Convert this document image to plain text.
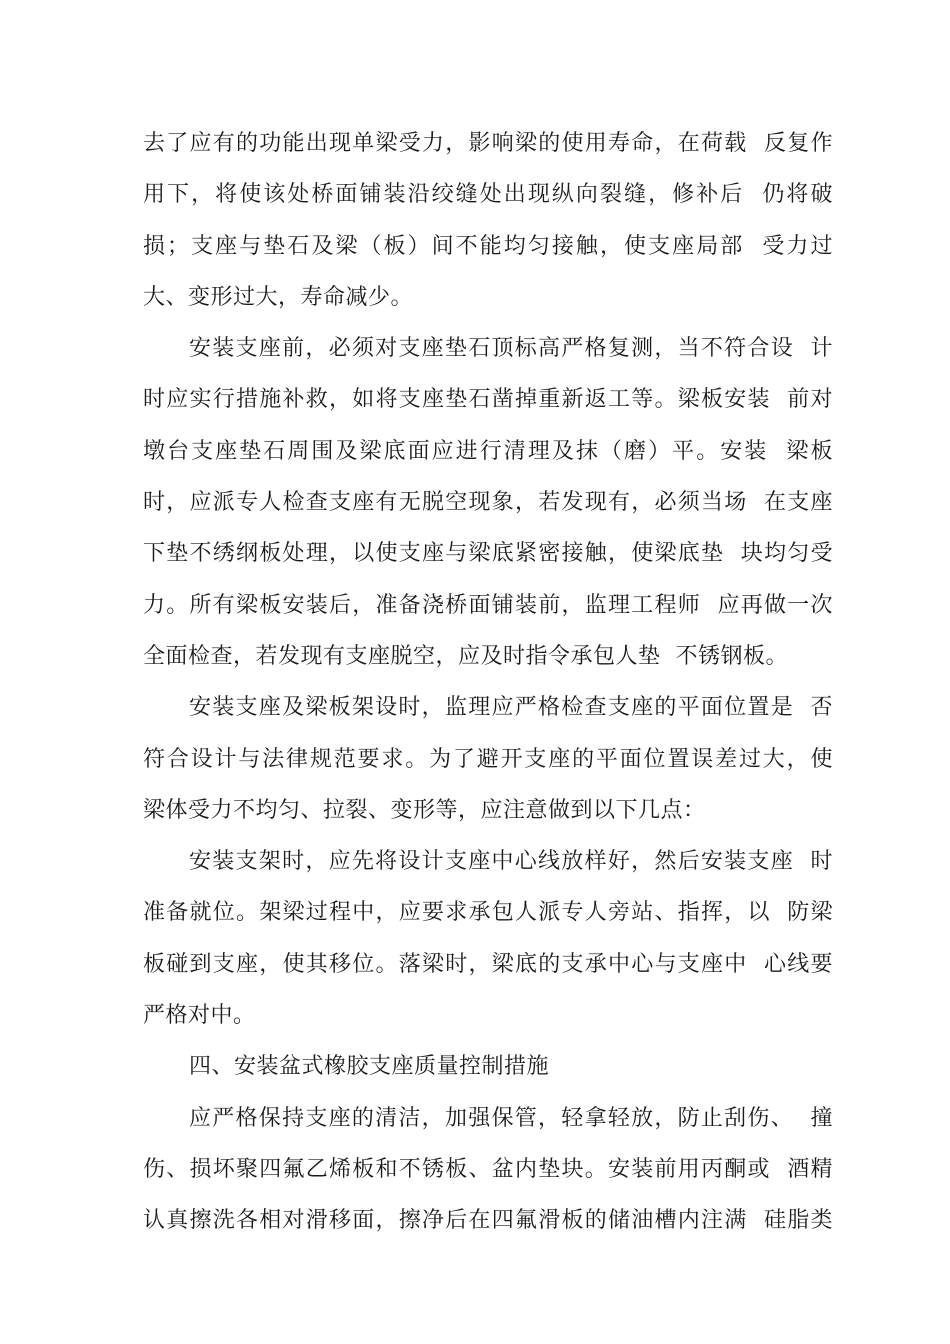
去了应有的功能出现单梁受力，影响梁的使用寿命，在荷载  反复作
用下，将使该处桥面铺装沿绞缝处出现纵向裂缝，修补后  仍将破
损；支座与垫石及梁（板）间不能均匀接触，使支座局部  受力过
大、变形过大，寿命减少。
安装支座前，必须对支座垫石顶标高严格复测，当不符合设  计
时应实行措施补救，如将支座垫石凿掉重新返工等。梁板安装  前对
墩台支座垫石周围及梁底面应进行清理及抹（磨）平。安装  梁板
时，应派专人检查支座有无脱空现象，若发现有，必须当场  在支座
下垫不绣纲板处理，以使支座与梁底紧密接触，使梁底垫  块均匀受
力。所有梁板安装后，准备浇桥面铺装前，监理工程师  应再做一次
全面检查，若发现有支座脱空，应及时指令承包人垫  不锈钢板。
安装支座及梁板架设时，监理应严格检查支座的平面位置是  否
符合设计与法律规范要求。为了避开支座的平面位置误差过大，使
梁体受力不均匀、拉裂、变形等，应注意做到以下几点：
安装支架时，应先将设计支座中心线放样好，然后安装支座  时
准备就位。架梁过程中，应要求承包人派专人旁站、指挥，以  防梁
板碰到支座，使其移位。落梁时，梁底的支承中心与支座中  心线要
严格对中。
四、安装盆式橡胶支座质量控制措施
应严格保持支座的清洁，加强保管，轻拿轻放，防止刮伤、  撞
伤、损坏聚四氟乙烯板和不锈板、盆内垫块。安装前用丙酮或  酒精
认真擦洗各相对滑移面，擦净后在四氟滑板的储油槽内注满  硅脂类
